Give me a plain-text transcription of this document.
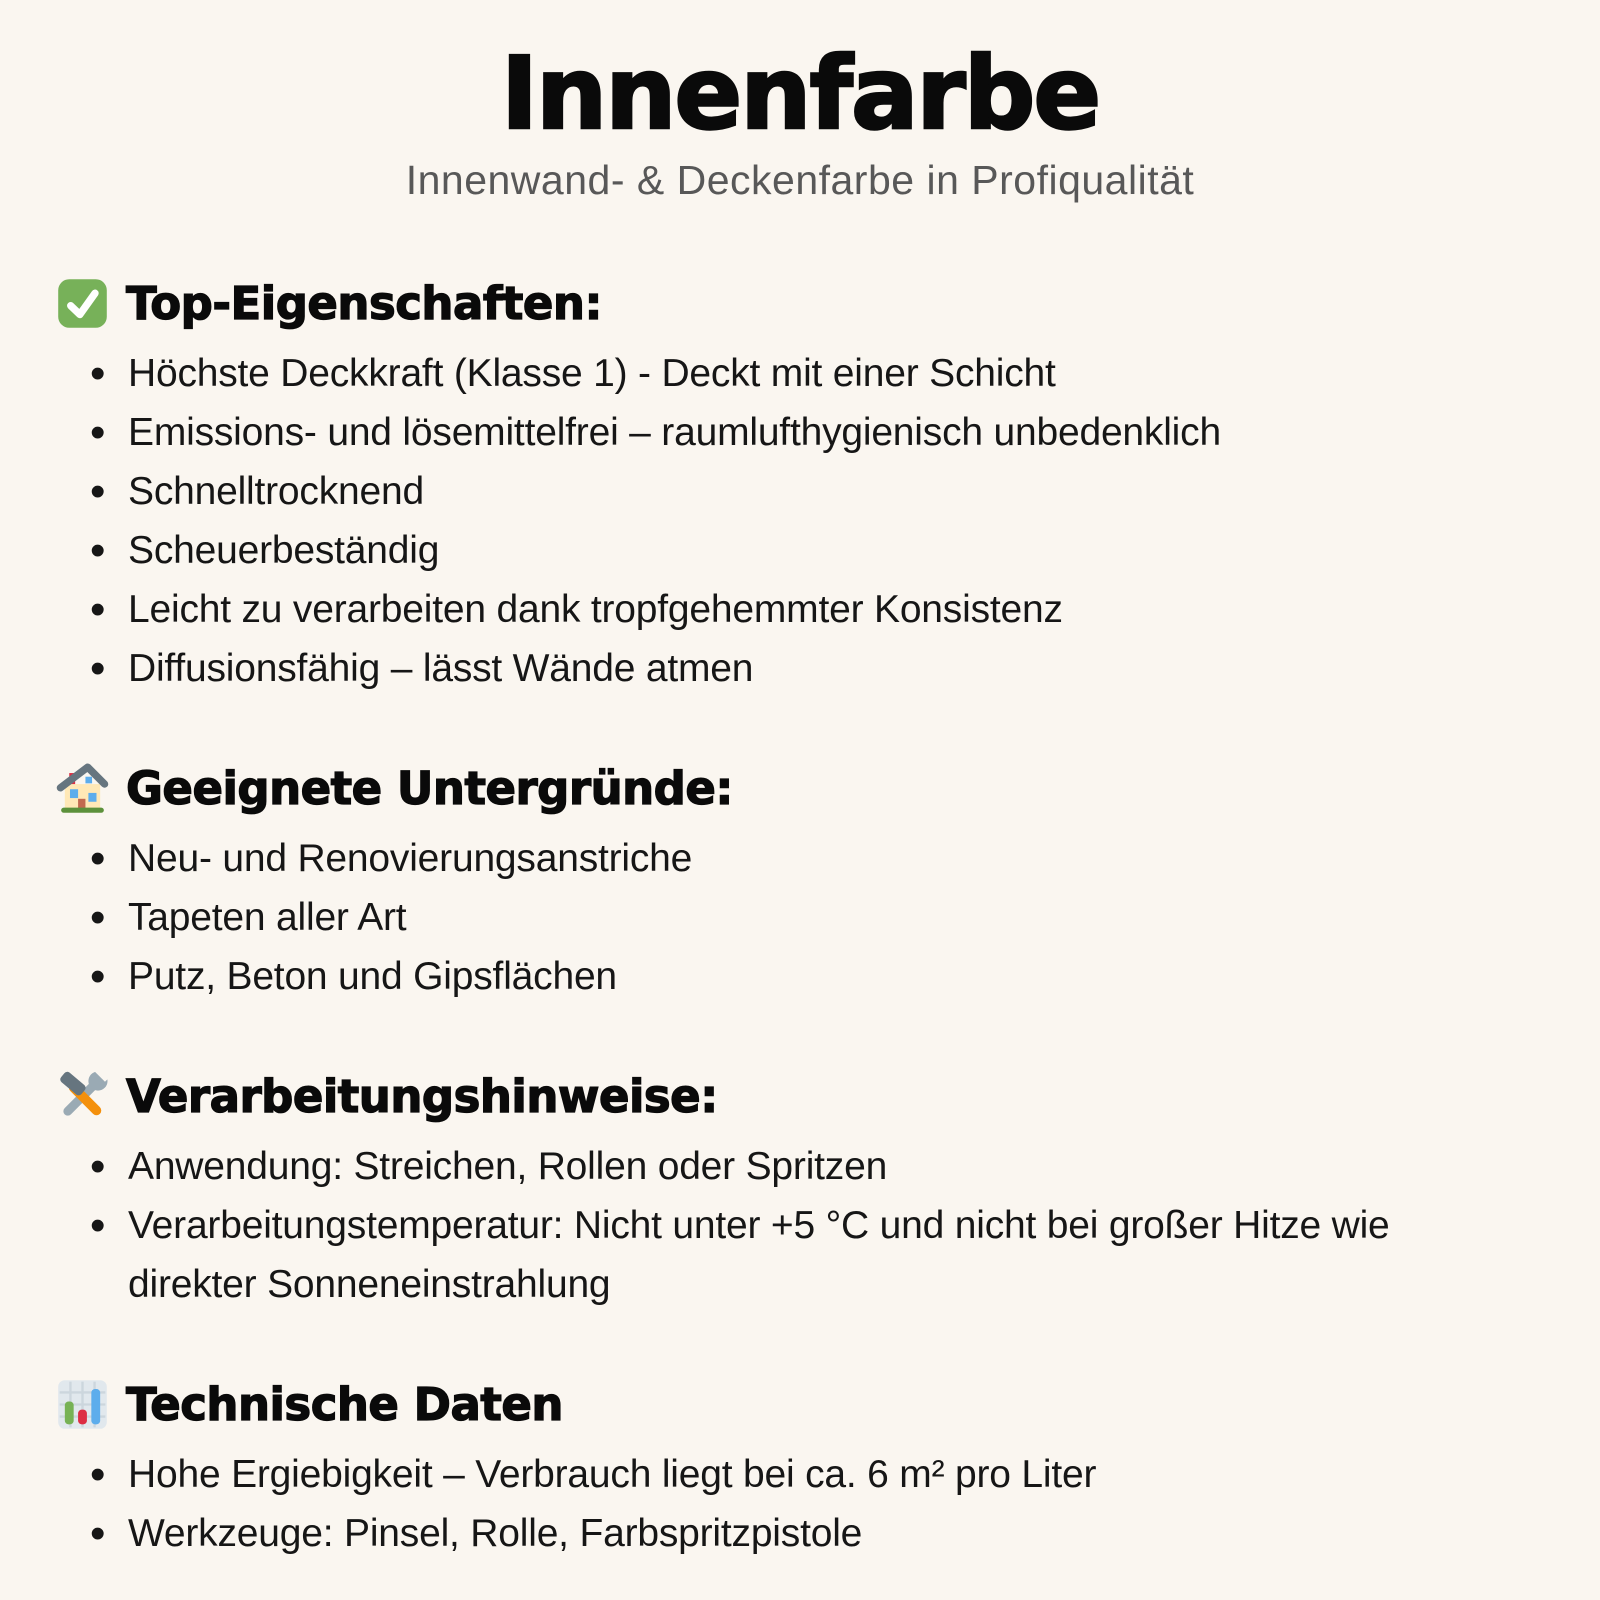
Innenfarbe

Innenwand- & Deckenfarbe in Profiqualität

Top-Eigenschaften:
• Höchste Deckkraft (Klasse 1) - Deckt mit einer Schicht
• Emissions- und lösemittelfrei – raumlufthygienisch unbedenklich
• Schnelltrocknend
• Scheuerbeständig
• Leicht zu verarbeiten dank tropfgehemmter Konsistenz
• Diffusionsfähig – lässt Wände atmen
Geeignete Untergründe:
• Neu- und Renovierungsanstriche
• Tapeten aller Art
• Putz, Beton und Gipsflächen
Verarbeitungshinweise:
• Anwendung: Streichen, Rollen oder Spritzen
• Verarbeitungstemperatur: Nicht unter +5 °C und nicht bei großer Hitze wie direkter Sonneneinstrahlung
Technische Daten
• Hohe Ergiebigkeit – Verbrauch liegt bei ca. 6 m² pro Liter
• Werkzeuge: Pinsel, Rolle, Farbspritzpistole
